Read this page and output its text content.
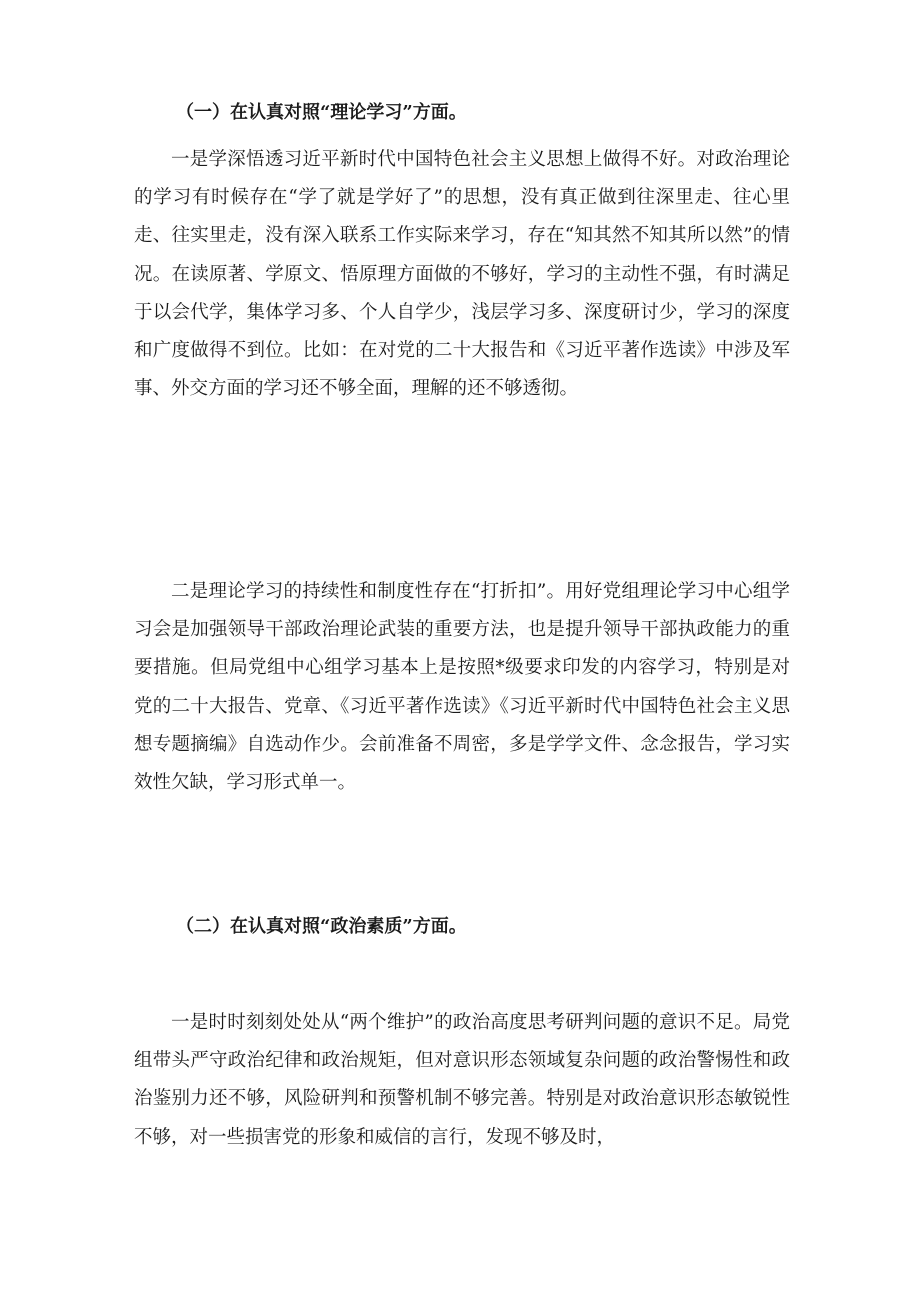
（一）在认真对照“理论学习”方面。

一是学深悟透习近平新时代中国特色社会主义思想上做得不好。对政治理论的学习有时候存在“学了就是学好了”的思想，没有真正做到往深里走、往心里走、往实里走，没有深入联系工作实际来学习，存在“知其然不知其所以然”的情况。在读原著、学原文、悟原理方面做的不够好，学习的主动性不强，有时满足于以会代学，集体学习多、个人自学少，浅层学习多、深度研讨少，学习的深度和广度做得不到位。比如：在对党的二十大报告和《习近平著作选读》中涉及军事、外交方面的学习还不够全面，理解的还不够透彻。

二是理论学习的持续性和制度性存在“打折扣”。用好党组理论学习中心组学习会是加强领导干部政治理论武装的重要方法，也是提升领导干部执政能力的重要措施。但局党组中心组学习基本上是按照*级要求印发的内容学习，特别是对党的二十大报告、党章、《习近平著作选读》《习近平新时代中国特色社会主义思想专题摘编》自选动作少。会前准备不周密，多是学学文件、念念报告，学习实效性欠缺，学习形式单一。

（二）在认真对照“政治素质”方面。

一是时时刻刻处处从“两个维护”的政治高度思考研判问题的意识不足。局党组带头严守政治纪律和政治规矩，但对意识形态领域复杂问题的政治警惕性和政治鉴别力还不够，风险研判和预警机制不够完善。特别是对政治意识形态敏锐性不够，对一些损害党的形象和威信的言行，发现不够及时，
